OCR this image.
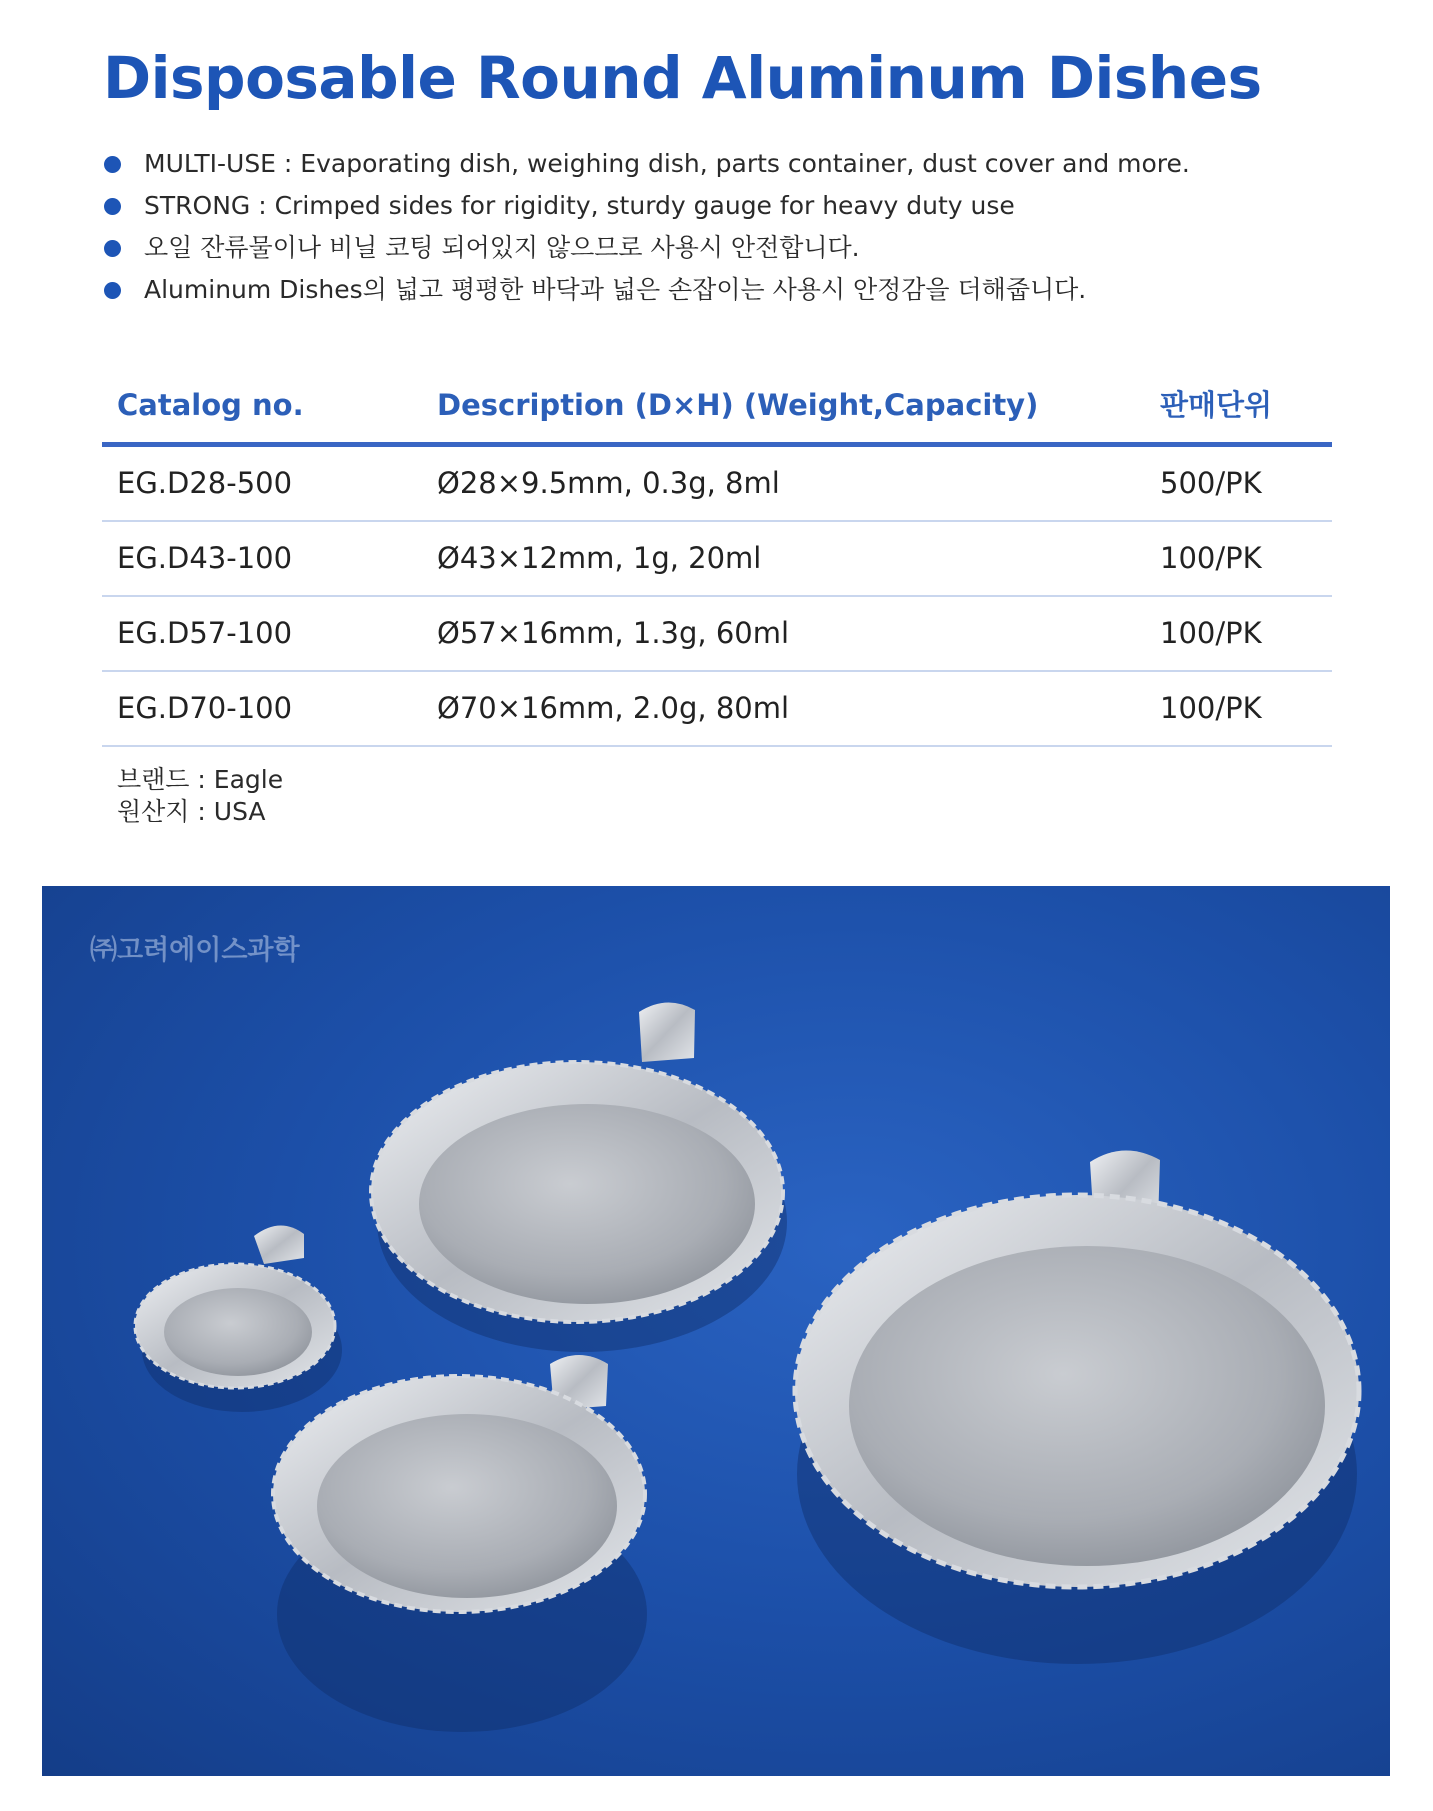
Disposable Round Aluminum Dishes
MULTI-USE : Evaporating dish, weighing dish, parts container, dust cover and more.
STRONG : Crimped sides for rigidity, sturdy gauge for heavy duty use
오일 잔류물이나 비닐 코팅 되어있지 않으므로 사용시 안전합니다.
Aluminum Dishes의 넓고 평평한 바닥과 넓은 손잡이는 사용시 안정감을 더해줍니다.
Catalog no.	Description (D×H) (Weight,Capacity)	판매단위
EG.D28-500	Ø28×9.5mm, 0.3g, 8ml	500/PK
EG.D43-100	Ø43×12mm, 1g, 20ml	100/PK
EG.D57-100	Ø57×16mm, 1.3g, 60ml	100/PK
EG.D70-100	Ø70×16mm, 2.0g, 80ml	100/PK
브랜드 : Eagle
원산지 : USA
㈜고려에이스과학
